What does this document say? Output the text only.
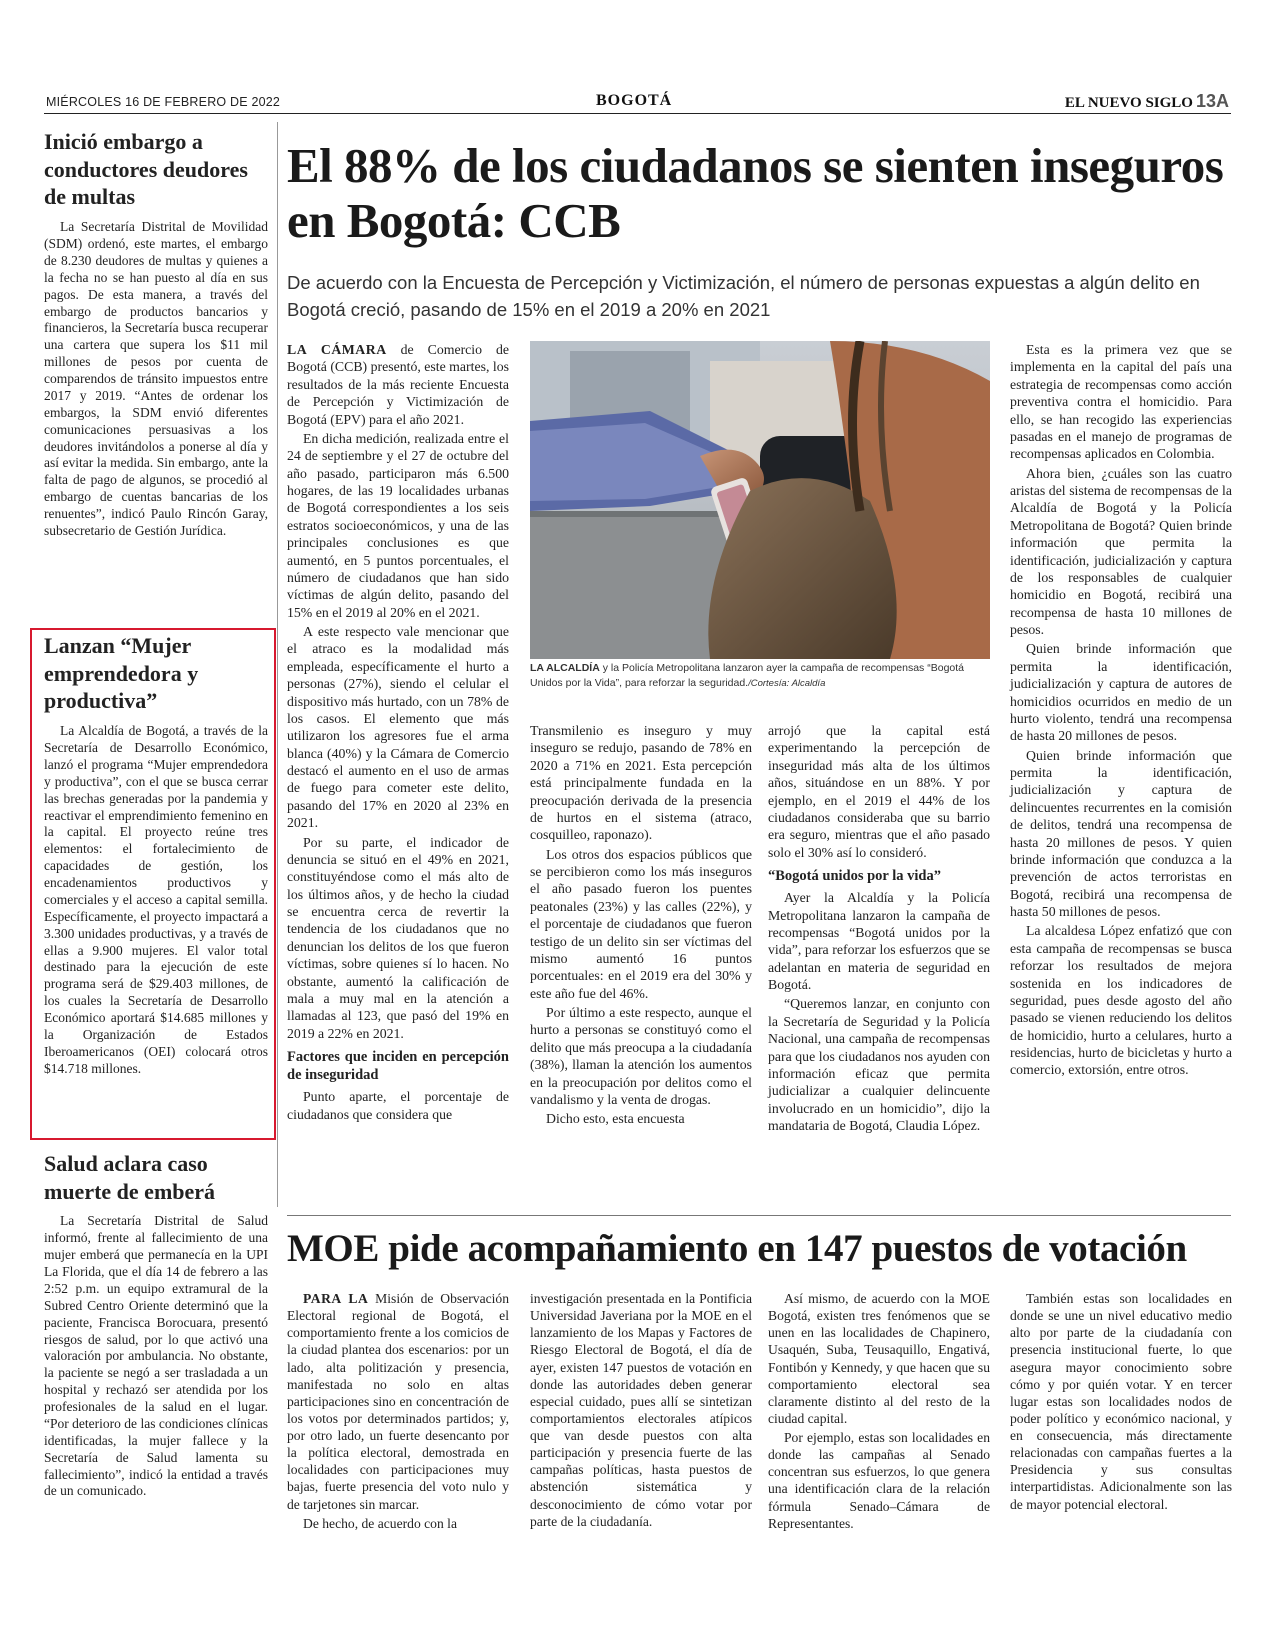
MIÉRCOLES 16 DE FEBRERO DE 2022	BOGOTÁ	EL NUEVO SIGLO 13A
Inició embargo a conductores deudores de multas

La Secretaría Distrital de Movilidad (SDM) ordenó, este martes, el embargo de 8.230 deudores de multas y quienes a la fecha no se han puesto al día en sus pagos. De esta manera, a través del embargo de productos bancarios y financieros, la Secretaría busca recuperar una cartera que supera los $11 mil millones de pesos por cuenta de comparendos de tránsito impuestos entre 2017 y 2019. “Antes de ordenar los embargos, la SDM envió diferentes comunicaciones persuasivas a los deudores invitándolos a ponerse al día y así evitar la medida. Sin embargo, ante la falta de pago de algunos, se procedió al embargo de cuentas bancarias de los renuentes”, indicó Paulo Rincón Garay, subsecretario de Gestión Jurídica.

Lanzan “Mujer emprendedora y productiva”

La Alcaldía de Bogotá, a través de la Secretaría de Desarrollo Económico, lanzó el programa “Mujer emprendedora y productiva”, con el que se busca cerrar las brechas generadas por la pandemia y reactivar el emprendimiento femenino en la capital. El proyecto reúne tres elementos: el fortalecimiento de capacidades de gestión, los encadenamientos productivos y comerciales y el acceso a capital semilla. Específicamente, el proyecto impactará a 3.300 unidades productivas, y a través de ellas a 9.900 mujeres. El valor total destinado para la ejecución de este programa será de $29.403 millones, de los cuales la Secretaría de Desarrollo Económico aportará $14.685 millones y la Organización de Estados Iberoamericanos (OEI) colocará otros $14.718 millones.

Salud aclara caso muerte de emberá

La Secretaría Distrital de Salud informó, frente al fallecimiento de una mujer emberá que permanecía en la UPI La Florida, que el día 14 de febrero a las 2:52 p.m. un equipo extramural de la Subred Centro Oriente determinó que la paciente, Francisca Borocuara, presentó riesgos de salud, por lo que activó una valoración por ambulancia. No obstante, la paciente se negó a ser trasladada a un hospital y rechazó ser atendida por los profesionales de la salud en el lugar. “Por deterioro de las condiciones clínicas identificadas, la mujer fallece y la Secretaría de Salud lamenta su fallecimiento”, indicó la entidad a través de un comunicado.

El 88% de los ciudadanos se sienten inseguros en Bogotá: CCB
De acuerdo con la Encuesta de Percepción y Victimización, el número de personas expuestas a algún delito en Bogotá creció, pasando de 15% en el 2019 a 20% en 2021

LA CÁMARA de Comercio de Bogotá (CCB) presentó, este martes, los resultados de la más reciente Encuesta de Percepción y Victimización de Bogotá (EPV) para el año 2021.

En dicha medición, realizada entre el 24 de septiembre y el 27 de octubre del año pasado, participaron más 6.500 hogares, de las 19 localidades urbanas de Bogotá correspondientes a los seis estratos socioeconómicos, y una de las principales conclusiones es que aumentó, en 5 puntos porcentuales, el número de ciudadanos que han sido víctimas de algún delito, pasando del 15% en el 2019 al 20% en el 2021.

A este respecto vale mencionar que el atraco es la modalidad más empleada, específicamente el hurto a personas (27%), siendo el celular el dispositivo más hurtado, con un 78% de los casos. El elemento que más utilizaron los agresores fue el arma blanca (40%) y la Cámara de Comercio destacó el aumento en el uso de armas de fuego para cometer este delito, pasando del 17% en 2020 al 23% en 2021.

Por su parte, el indicador de denuncia se situó en el 49% en 2021, constituyéndose como el más alto de los últimos años, y de hecho la ciudad se encuentra cerca de revertir la tendencia de los ciudadanos que no denuncian los delitos de los que fueron víctimas, sobre quienes sí lo hacen. No obstante, aumentó la calificación de mala a muy mal en la atención a llamadas al 123, que pasó del 19% en 2019 a 22% en 2021.

Factores que inciden en percepción de inseguridad

Punto aparte, el porcentaje de ciudadanos que considera que

LA ALCALDÍA y la Policía Metropolitana lanzaron ayer la campaña de recompensas “Bogotá Unidos por la Vida”, para reforzar la seguridad./Cortesía: Alcaldía

Transmilenio es inseguro y muy inseguro se redujo, pasando de 78% en 2020 a 71% en 2021. Esta percepción está principalmente fundada en la preocupación derivada de la presencia de hurtos en el sistema (atraco, cosquilleo, raponazo).

Los otros dos espacios públicos que se percibieron como los más inseguros el año pasado fueron los puentes peatonales (23%) y las calles (22%), y el porcentaje de ciudadanos que fueron testigo de un delito sin ser víctimas del mismo aumentó 16 puntos porcentuales: en el 2019 era del 30% y este año fue del 46%.

Por último a este respecto, aunque el hurto a personas se constituyó como el delito que más preocupa a la ciudadanía (38%), llaman la atención los aumentos en la preocupación por delitos como el vandalismo y la venta de drogas.

Dicho esto, esta encuesta

arrojó que la capital está experimentando la percepción de inseguridad más alta de los últimos años, situándose en un 88%. Y por ejemplo, en el 2019 el 44% de los ciudadanos consideraba que su barrio era seguro, mientras que el año pasado solo el 30% así lo consideró.

“Bogotá unidos por la vida”

Ayer la Alcaldía y la Policía Metropolitana lanzaron la campaña de recompensas “Bogotá unidos por la vida”, para reforzar los esfuerzos que se adelantan en materia de seguridad en Bogotá.

“Queremos lanzar, en conjunto con la Secretaría de Seguridad y la Policía Nacional, una campaña de recompensas para que los ciudadanos nos ayuden con información eficaz que permita judicializar a cualquier delincuente involucrado en un homicidio”, dijo la mandataria de Bogotá, Claudia López.

Esta es la primera vez que se implementa en la capital del país una estrategia de recompensas como acción preventiva contra el homicidio. Para ello, se han recogido las experiencias pasadas en el manejo de programas de recompensas aplicados en Colombia.

Ahora bien, ¿cuáles son las cuatro aristas del sistema de recompensas de la Alcaldía de Bogotá y la Policía Metropolitana de Bogotá? Quien brinde información que permita la identificación, judicialización y captura de los responsables de cualquier homicidio en Bogotá, recibirá una recompensa de hasta 10 millones de pesos.

Quien brinde información que permita la identificación, judicialización y captura de autores de homicidios ocurridos en medio de un hurto violento, tendrá una recompensa de hasta 20 millones de pesos.

Quien brinde información que permita la identificación, judicialización y captura de delincuentes recurrentes en la comisión de delitos, tendrá una recompensa de hasta 20 millones de pesos. Y quien brinde información que conduzca a la prevención de actos terroristas en Bogotá, recibirá una recompensa de hasta 50 millones de pesos.

La alcaldesa López enfatizó que con esta campaña de recompensas se busca reforzar los resultados de mejora sostenida en los indicadores de seguridad, pues desde agosto del año pasado se vienen reduciendo los delitos de homicidio, hurto a celulares, hurto a residencias, hurto de bicicletas y hurto a comercio, extorsión, entre otros.

MOE pide acompañamiento en 147 puestos de votación

PARA LA Misión de Observación Electoral regional de Bogotá, el comportamiento frente a los comicios de la ciudad plantea dos escenarios: por un lado, alta politización y presencia, manifestada no solo en altas participaciones sino en concentración de los votos por determinados partidos; y, por otro lado, un fuerte desencanto por la política electoral, demostrada en localidades con participaciones muy bajas, fuerte presencia del voto nulo y de tarjetones sin marcar.

De hecho, de acuerdo con la

investigación presentada en la Pontificia Universidad Javeriana por la MOE en el lanzamiento de los Mapas y Factores de Riesgo Electoral de Bogotá, el día de ayer, existen 147 puestos de votación en donde las autoridades deben generar especial cuidado, pues allí se sintetizan comportamientos electorales atípicos que van desde puestos con alta participación y presencia fuerte de las campañas políticas, hasta puestos de abstención sistemática y desconocimiento de cómo votar por parte de la ciudadanía.

Así mismo, de acuerdo con la MOE Bogotá, existen tres fenómenos que se unen en las localidades de Chapinero, Usaquén, Suba, Teusaquillo, Engativá, Fontibón y Kennedy, y que hacen que su comportamiento electoral sea claramente distinto al del resto de la ciudad capital.

Por ejemplo, estas son localidades en donde las campañas al Senado concentran sus esfuerzos, lo que genera una identificación clara de la relación fórmula Senado–Cámara de Representantes.

También estas son localidades en donde se une un nivel educativo medio alto por parte de la ciudadanía con presencia institucional fuerte, lo que asegura mayor conocimiento sobre cómo y por quién votar. Y en tercer lugar estas son localidades nodos de poder político y económico nacional, y en consecuencia, más directamente relacionadas con campañas fuertes a la Presidencia y sus consultas interpartidistas. Adicionalmente son las de mayor potencial electoral.
